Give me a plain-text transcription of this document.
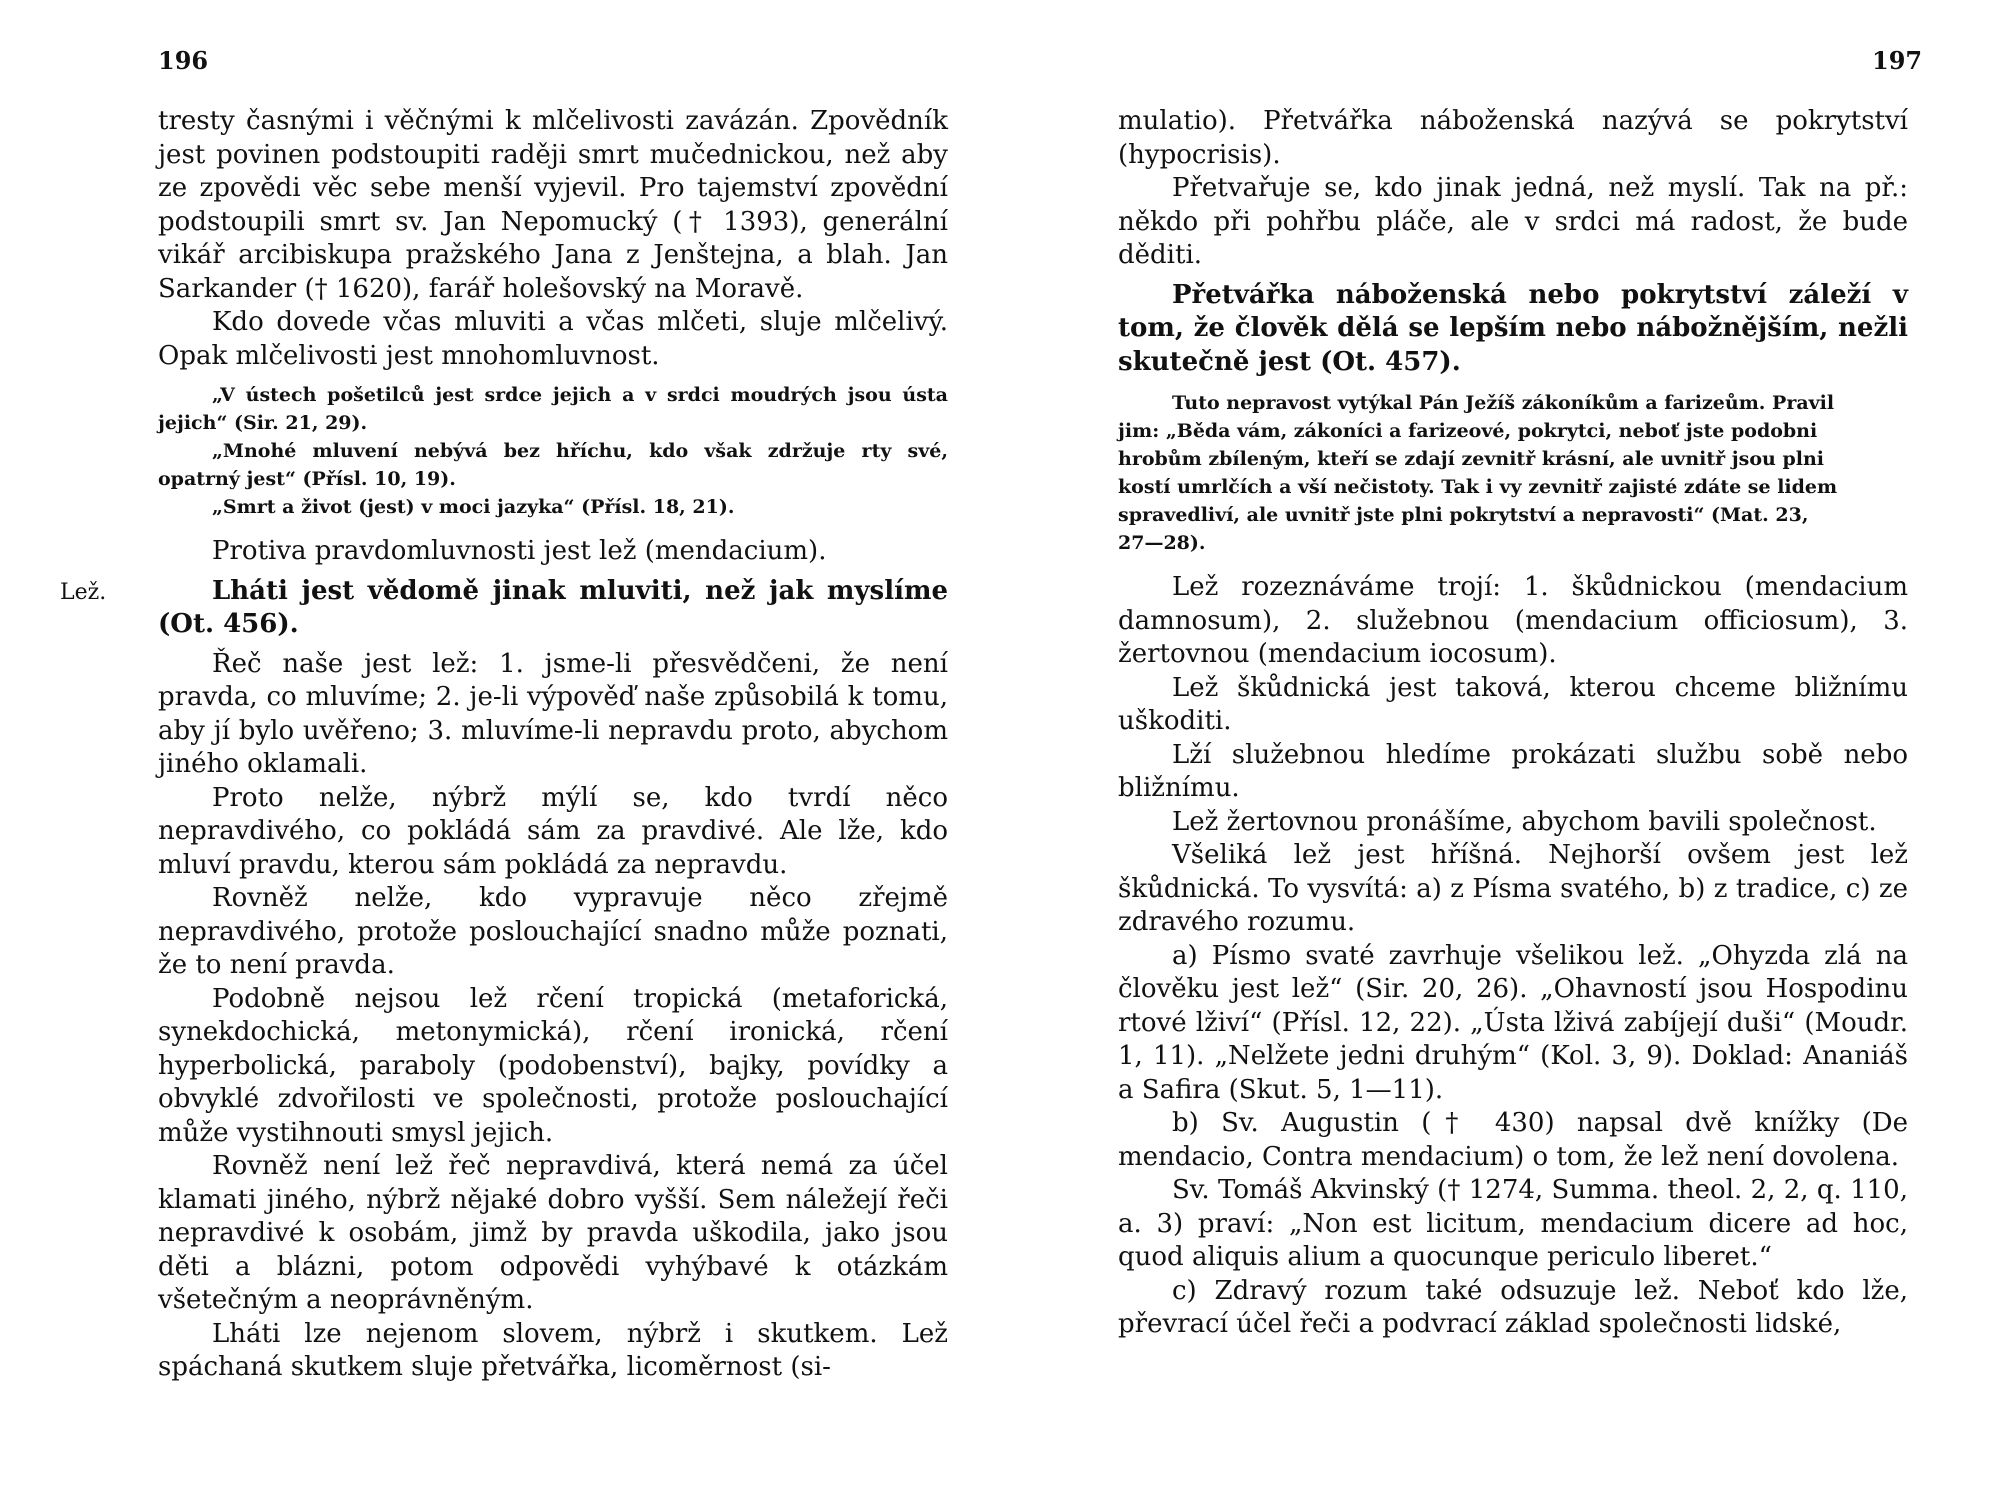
196
Lež.

tresty časnými i věčnými k mlčelivosti zavázán. Zpovědník jest povinen podstoupiti raději smrt mučednickou, než aby ze zpovědi věc sebe menší vyjevil. Pro tajemství zpovědní podstoupili smrt sv. Jan Nepomucký († 1393), generální vikář arcibiskupa pražského Jana z Jenštejna, a blah. Jan Sarkander († 1620), farář holešovský na Moravě.

Kdo dovede včas mluviti a včas mlčeti, sluje mlčelivý. Opak mlčelivosti jest mnohomluvnost.

„V ústech pošetilců jest srdce jejich a v srdci moudrých jsou ústa jejich“ (Sir. 21, 29).
„Mnohé mluvení nebývá bez hříchu, kdo však zdržuje rty své, opatrný jest“ (Přísl. 10, 19).
„Smrt a život (jest) v moci jazyka“ (Přísl. 18, 21).

Protiva pravdomluvnosti jest lež (mendacium).

Lháti jest vědomě jinak mluviti, než jak myslíme (Ot. 456).

Řeč naše jest lež: 1. jsme-li přesvědčeni, že není pravda, co mluvíme; 2. je-li výpověď naše způsobilá k tomu, aby jí bylo uvěřeno; 3. mluvíme-li nepravdu proto, abychom jiného oklamali.

Proto nelže, nýbrž mýlí se, kdo tvrdí něco nepravdivého, co pokládá sám za pravdivé. Ale lže, kdo mluví pravdu, kterou sám pokládá za nepravdu.

Rovněž nelže, kdo vypravuje něco zřejmě nepravdivého, protože poslouchající snadno může poznati, že to není pravda.

Podobně nejsou lež rčení tropická (metaforická, synekdochická, metonymická), rčení ironická, rčení hyperbolická, paraboly (podobenství), bajky, povídky a obvyklé zdvořilosti ve společnosti, protože poslouchající může vystihnouti smysl jejich.

Rovněž není lež řeč nepravdivá, která nemá za účel klamati jiného, nýbrž nějaké dobro vyšší. Sem náležejí řeči nepravdivé k osobám, jimž by pravda uškodila, jako jsou děti a blázni, potom odpovědi vyhýbavé k otázkám všetečným a neoprávněným.

Lháti lze nejenom slovem, nýbrž i skutkem. Lež spáchaná skutkem sluje přetvářka, licoměrnost (si-

197

mulatio). Přetvářka náboženská nazývá se pokrytství (hypocrisis).

Přetvařuje se, kdo jinak jedná, než myslí. Tak na př.: někdo při pohřbu pláče, ale v srdci má radost, že bude děditi.

Přetvářka náboženská nebo pokrytství záleží v tom, že člověk dělá se lepším nebo nábožnějším, nežli skutečně jest (Ot. 457).

Tuto nepravost vytýkal Pán Ježíš zákoníkům a farizeům. Pravil
jim: „Běda vám, zákoníci a farizeové, pokrytci, neboť jste podobni
hrobům zbíleným, kteří se zdají zevnitř krásní, ale uvnitř jsou plni
kostí umrlčích a vší nečistoty. Tak i vy zevnitř zajisté zdáte se lidem
spravedliví, ale uvnitř jste plni pokrytství a nepravosti“ (Mat. 23,
27—28).

Lež rozeznáváme trojí: 1. škůdnickou (mendacium damnosum), 2. služebnou (mendacium officiosum), 3. žertovnou (mendacium iocosum).

Lež škůdnická jest taková, kterou chceme bližnímu uškoditi.

Lží služebnou hledíme prokázati službu sobě nebo bližnímu.

Lež žertovnou pronášíme, abychom bavili společnost.

Všeliká lež jest hříšná. Nejhorší ovšem jest lež škůdnická. To vysvítá: a) z Písma svatého, b) z tradice, c) ze zdravého rozumu.

a) Písmo svaté zavrhuje všelikou lež. „Ohyzda zlá na člověku jest lež“ (Sir. 20, 26). „Ohavností jsou Hospodinu rtové lživí“ (Přísl. 12, 22). „Ústa lživá zabíjejí duši“ (Moudr. 1, 11). „Nelžete jedni druhým“ (Kol. 3, 9). Doklad: Ananiáš a Safira (Skut. 5, 1—11).

b) Sv. Augustin († 430) napsal dvě knížky (De mendacio, Contra mendacium) o tom, že lež není dovolena.

Sv. Tomáš Akvinský († 1274, Summa. theol. 2, 2, q. 110, a. 3) praví: „Non est licitum, mendacium dicere ad hoc, quod aliquis alium a quocunque periculo liberet.“

c) Zdravý rozum také odsuzuje lež. Neboť kdo lže, převrací účel řeči a podvrací základ společnosti lidské,
